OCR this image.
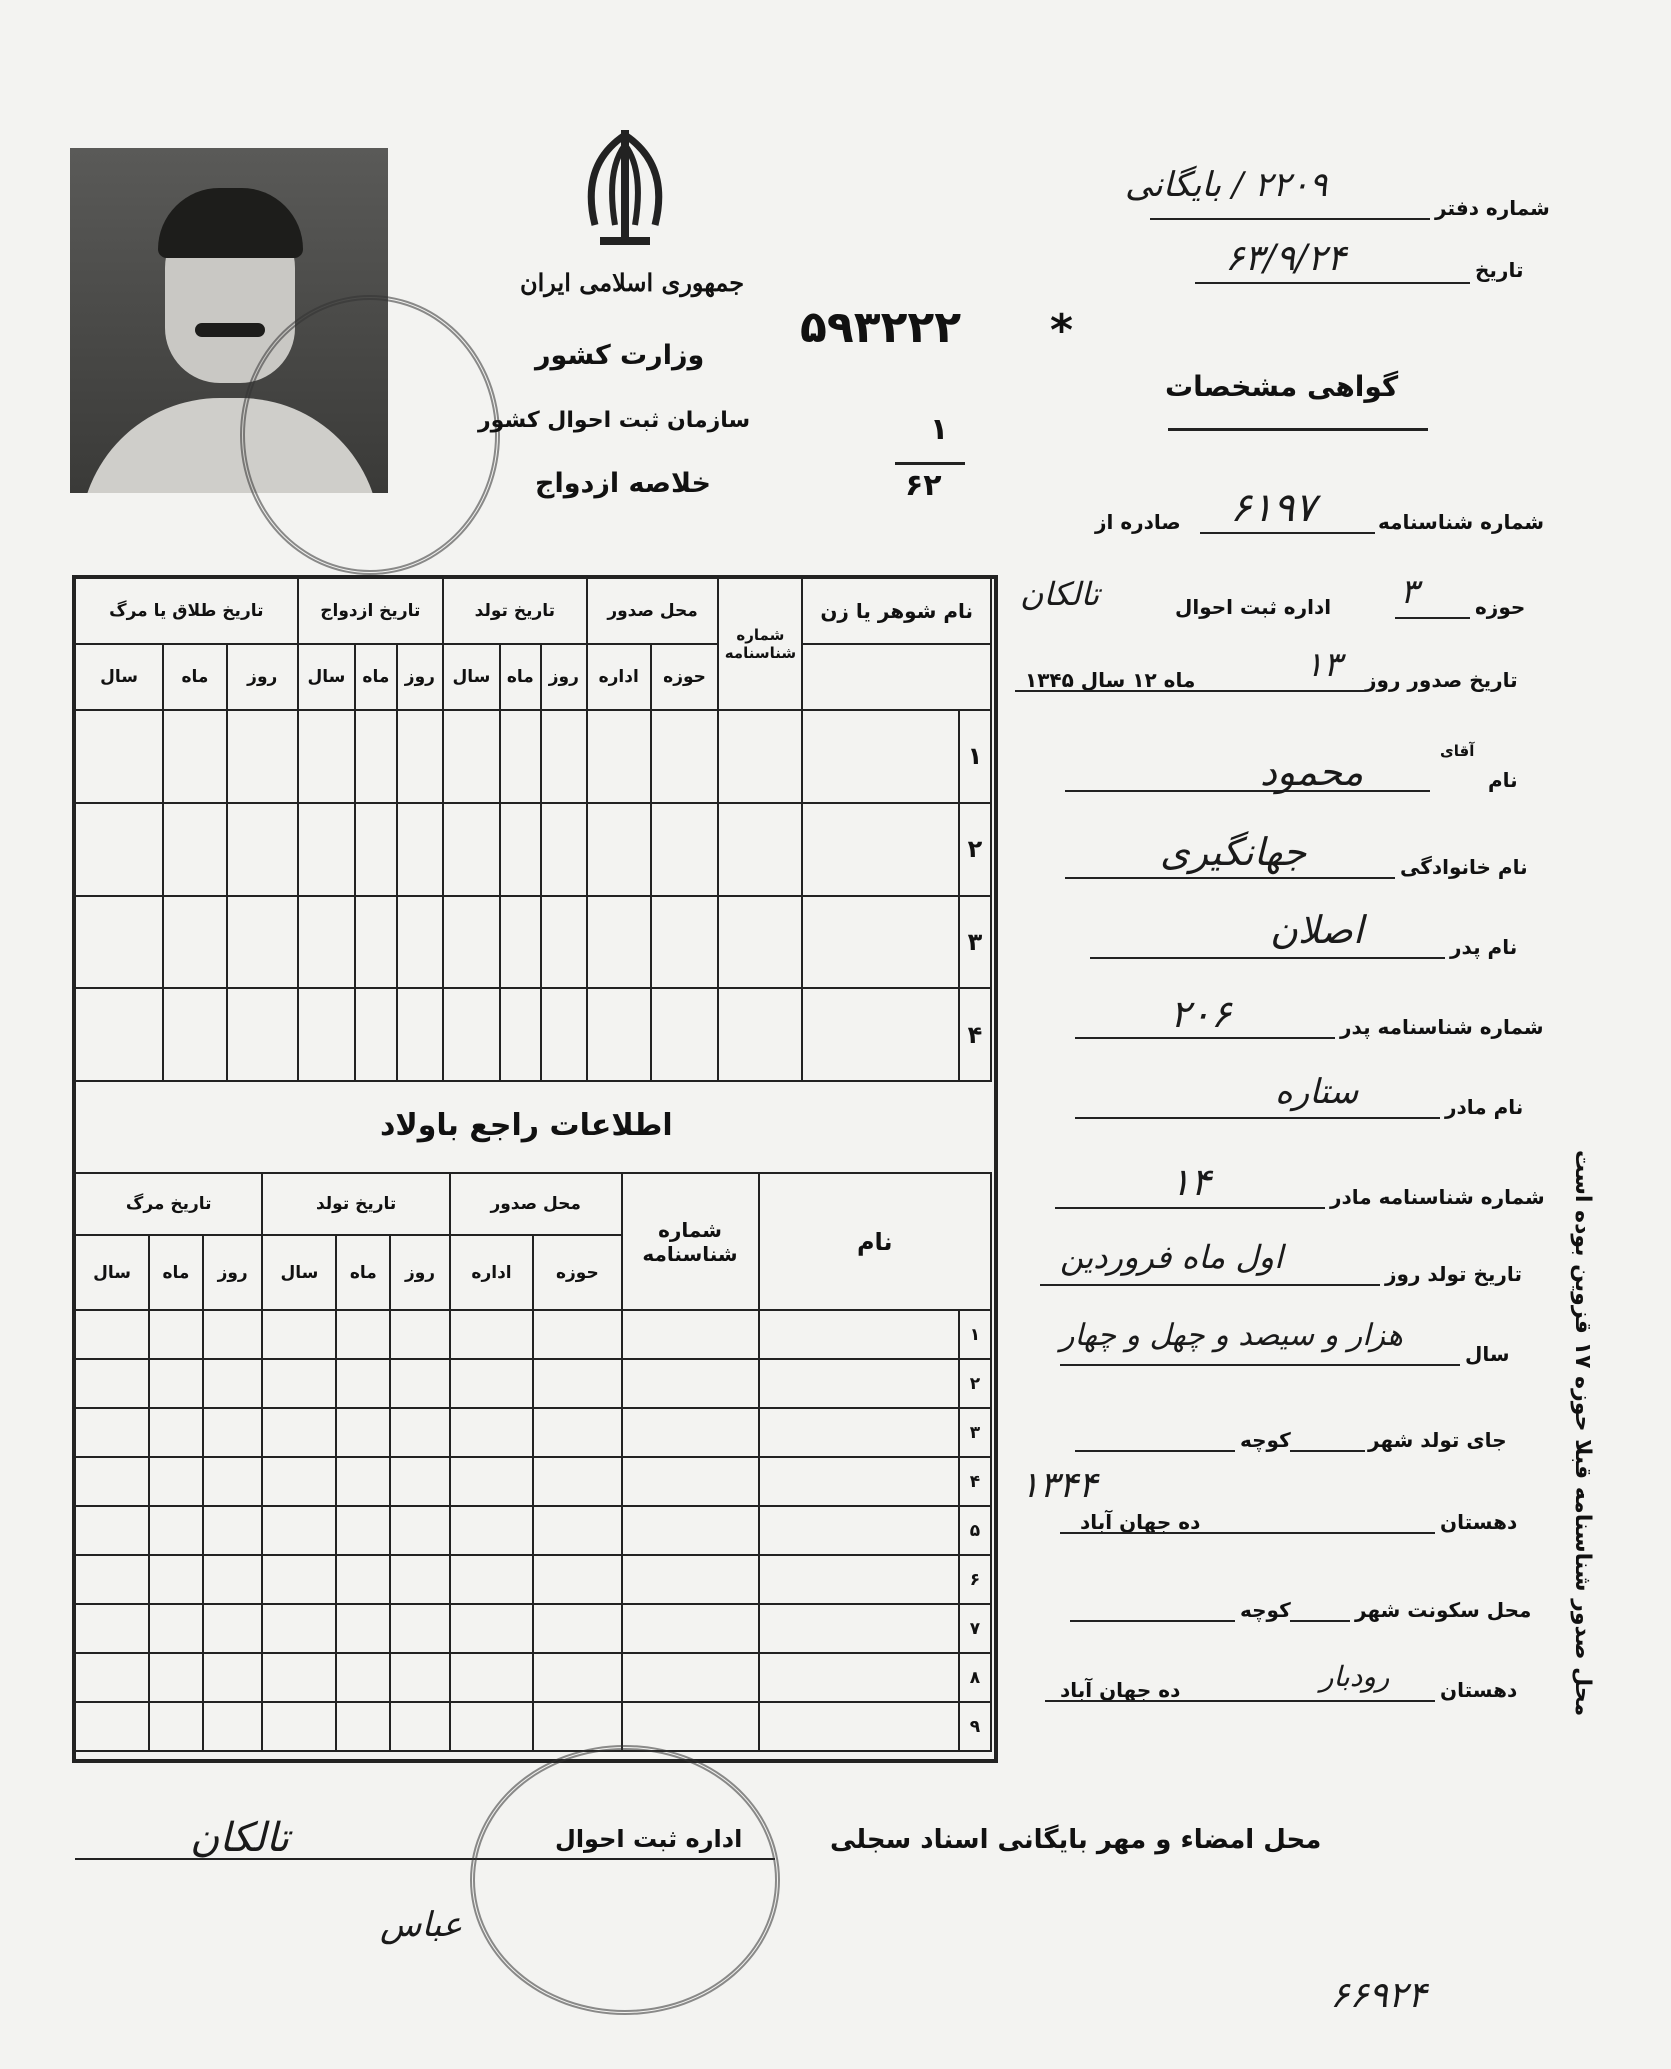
جمهوری اسلامی ایران
وزارت کشور
سازمان ثبت احوال کشور
خلاصه ازدواج
۵۹۳۲۲۲
۱
۶۲
*
شماره دفتر
۲۲۰۹ / بایگانی
تاریخ
۶۳/۹/۲۴
گواهی مشخصات
شماره شناسنامه
۶۱۹۷
صادره از
حوزه
۳
اداره ثبت احوال
تالکان
تاریخ صدور روز
۱۳
ماه ۱۲ سال ۱۳۴۵
آقای
نام
محمود
نام خانوادگی
جهانگیری
نام پدر
اصلان
شماره شناسنامه پدر
۲۰۶
نام مادر
ستاره
شماره شناسنامه مادر
۱۴
تاریخ تولد روز
اول ماه فروردین
سال
هزار و سیصد و چهل و چهار
جای تولد شهر
کوچه
۱۳۴۴
دهستان
ده جهان آباد
محل سکونت شهر
کوچه
دهستان
رودبار
ده جهان آباد
محل صدور شناسنامه قبلا حوزه ۱۷ قزوین بوده است
نام شوهر یا زن		شماره شناسنامه	محل صدور		تاریخ تولد			تاریخ ازدواج			تاریخ طلاق یا مرگ		
			حوزه	اداره	روز	ماه	سال	روز	ماه	سال	روز	ماه	سال
۱													
۲													
۳													
۴													
اطلاعات راجع باولاد
نام		شماره شناسنامه	محل صدور		تاریخ تولد			تاریخ مرگ		
			حوزه	اداره	روز	ماه	سال	روز	ماه	سال
۱										
۲										
۳										
۴										
۵										
۶										
۷										
۸										
۹										
محل امضاء و مهر بایگانی اسناد سجلی
اداره ثبت احوال
تالکان
عباس
۶۶۹۲۴
